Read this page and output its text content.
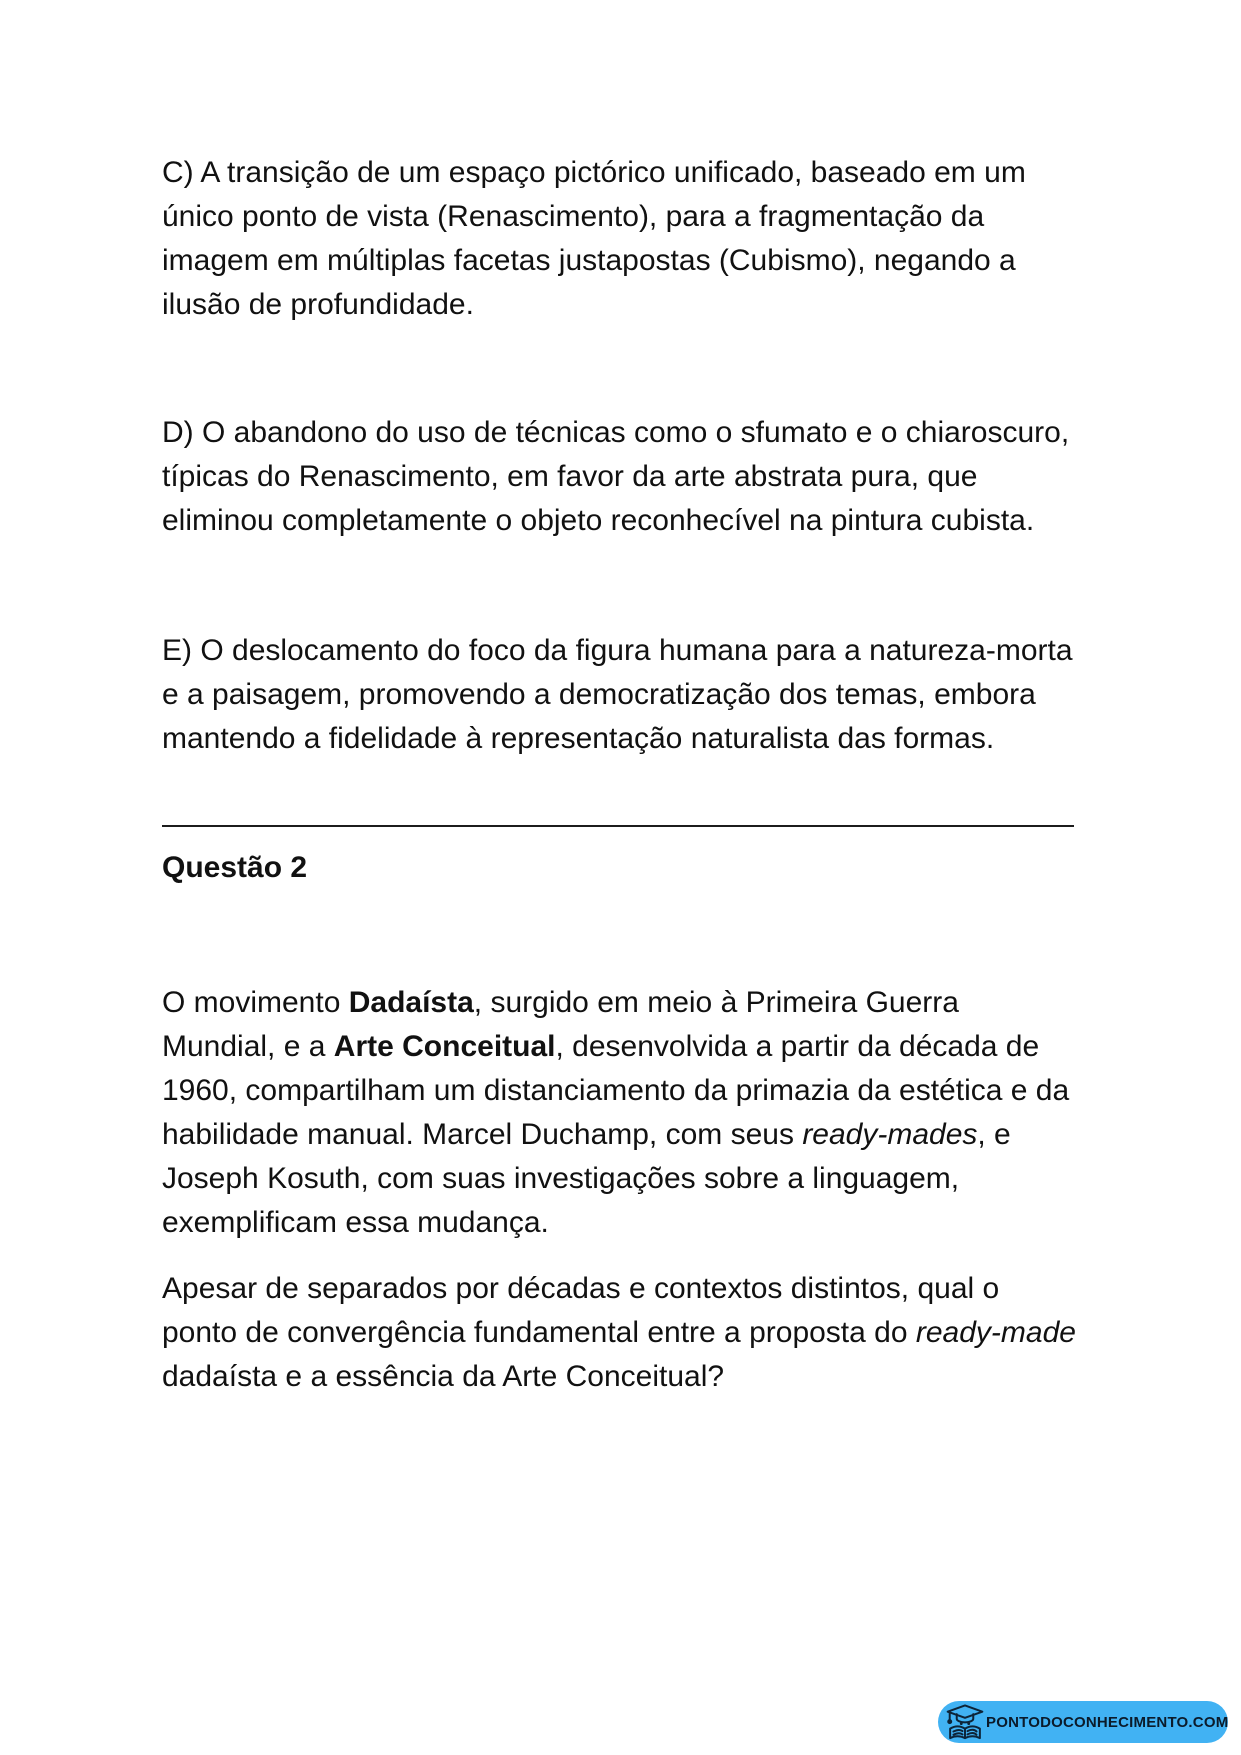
C) A transição de um espaço pictórico unificado, baseado em um único ponto de vista (Renascimento), para a fragmentação da imagem em múltiplas facetas justapostas (Cubismo), negando a ilusão de profundidade.

D) O abandono do uso de técnicas como o sfumato e o chiaroscuro, típicas do Renascimento, em favor da arte abstrata pura, que eliminou completamente o objeto reconhecível na pintura cubista.

E) O deslocamento do foco da figura humana para a natureza-morta e a paisagem, promovendo a democratização dos temas, embora mantendo a fidelidade à representação naturalista das formas.

Questão 2

O movimento Dadaísta, surgido em meio à Primeira Guerra Mundial, e a Arte Conceitual, desenvolvida a partir da década de 1960, compartilham um distanciamento da primazia da estética e da habilidade manual. Marcel Duchamp, com seus ready-mades, e Joseph Kosuth, com suas investigações sobre a linguagem, exemplificam essa mudança.

Apesar de separados por décadas e contextos distintos, qual o ponto de convergência fundamental entre a proposta do ready-made dadaísta e a essência da Arte Conceitual?

PONTODOCONHECIMENTO.COM
